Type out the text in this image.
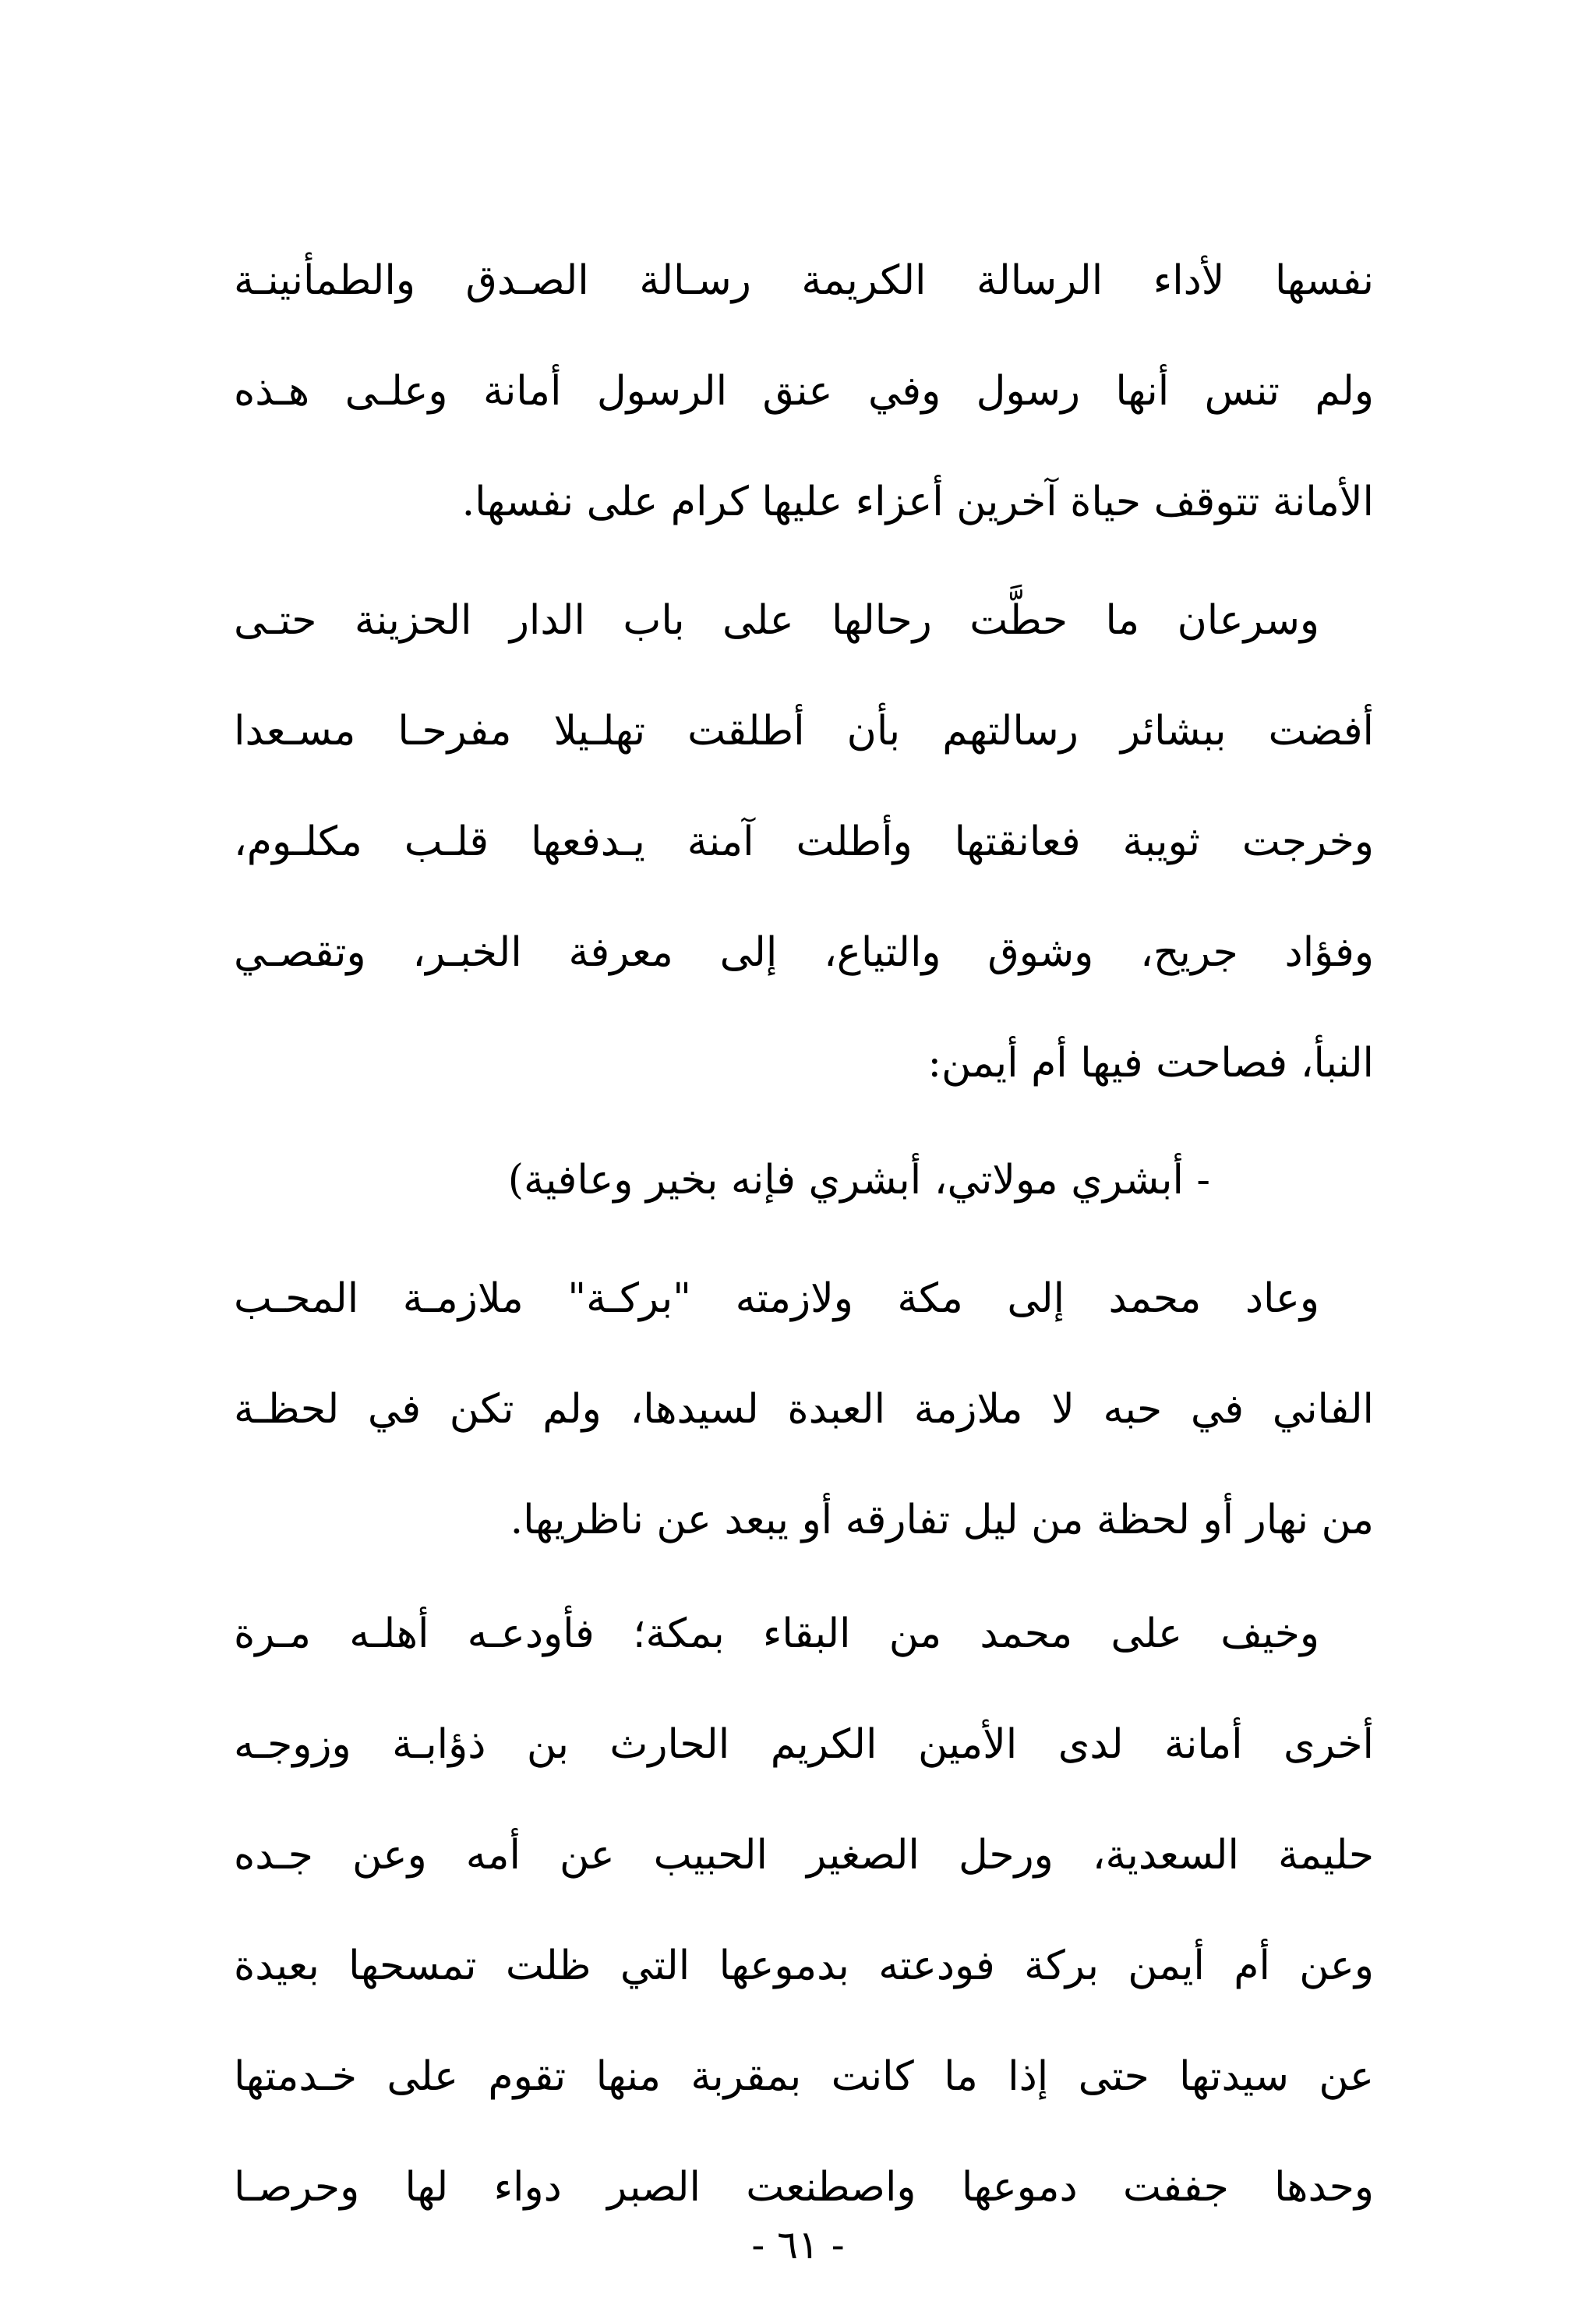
نفسها لأداء الرسالة الكريمة رسـالة الصـدق والطمأنينـة
ولم تنس أنها رسول وفي عنق الرسول أمانة وعلـى هـذه
الأمانة تتوقف حياة آخرين أعزاء عليها كرام على نفسها.
وسرعان ما حطَّت رحالها على باب الدار الحزينة حتـى
أفضت ببشائر رسالتهم بأن أطلقت تهلـيلا مفرحـا مسـعدا
وخرجت ثويبة فعانقتها وأطلت آمنة يـدفعها قلـب مكلـوم،
وفؤاد جريح، وشوق والتياع، إلى معرفة الخبـر، وتقصـي
النبأ، فصاحت فيها أم أيمن:
- أبشري مولاتي، أبشري فإنه بخير وعافية)
وعاد محمد إلى مكة ولازمته "برکـة" ملازمـة المحـب
الفاني في حبه لا ملازمة العبدة لسيدها، ولم تكن في لحظـة
من نهار أو لحظة من ليل تفارقه أو يبعد عن ناظريها.
وخيف على محمد من البقاء بمكة؛ فأودعـه أهلـه مـرة
أخرى أمانة لدى الأمين الكريم الحارث بن ذؤابـة وزوجـه
حليمة السعدية، ورحل الصغير الحبيب عن أمه وعن جـده
وعن أم أيمن بركة فودعته بدموعها التي ظلت تمسحها بعيدة
عن سيدتها حتى إذا ما كانت بمقربة منها تقوم على خـدمتها
وحدها جففت دموعها واصطنعت الصبر دواء لها وحرصـا
- ٦١ -
